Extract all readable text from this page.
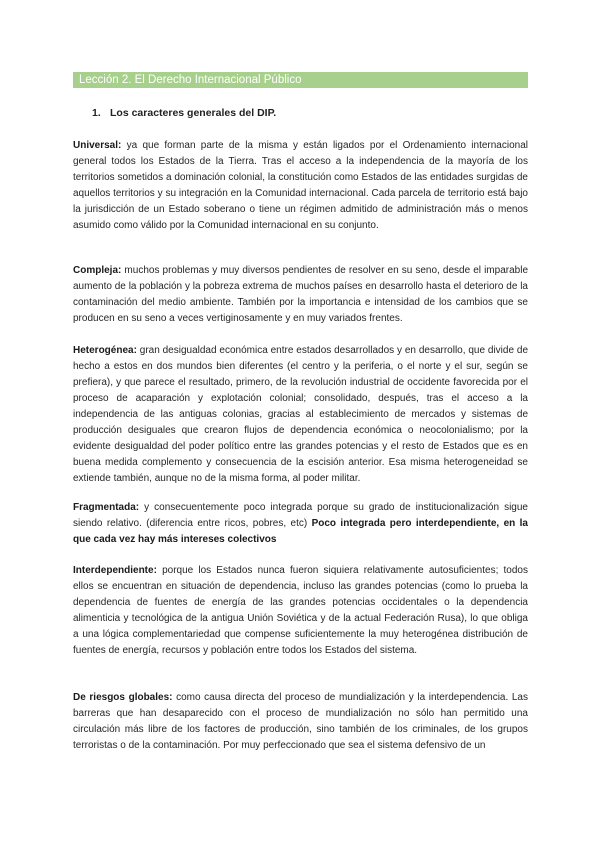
Lección 2. El Derecho Internacional Público
1. Los caracteres generales del DIP.

Universal: ya que forman parte de la misma y están ligados por el Ordenamiento internacional general todos los Estados de la Tierra. Tras el acceso a la independencia de la mayoría de los territorios sometidos a dominación colonial, la constitución como Estados de las entidades surgidas de aquellos territorios y su integración en la Comunidad internacional. Cada parcela de territorio está bajo la jurisdicción de un Estado soberano o tiene un régimen admitido de administración más o menos asumido como válido por la Comunidad internacional en su conjunto.

Compleja: muchos problemas y muy diversos pendientes de resolver en su seno, desde el imparable aumento de la población y la pobreza extrema de muchos países en desarrollo hasta el deterioro de la contaminación del medio ambiente. También por la importancia e intensidad de los cambios que se producen en su seno a veces vertiginosamente y en muy variados frentes.

Heterogénea: gran desigualdad económica entre estados desarrollados y en desarrollo, que divide de hecho a estos en dos mundos bien diferentes (el centro y la periferia, o el norte y el sur, según se prefiera), y que parece el resultado, primero, de la revolución industrial de occidente favorecida por el proceso de acaparación y explotación colonial; consolidado, después, tras el acceso a la independencia de las antiguas colonias, gracias al establecimiento de mercados y sistemas de producción desiguales que crearon flujos de dependencia económica o neocolonialismo; por la evidente desigualdad del poder político entre las grandes potencias y el resto de Estados que es en buena medida complemento y consecuencia de la escisión anterior. Esa misma heterogeneidad se extiende también, aunque no de la misma forma, al poder militar.

Fragmentada: y consecuentemente poco integrada porque su grado de institucionalización sigue siendo relativo. (diferencia entre ricos, pobres, etc) Poco integrada pero interdependiente, en la que cada vez hay más intereses colectivos

Interdependiente: porque los Estados nunca fueron siquiera relativamente autosuficientes; todos ellos se encuentran en situación de dependencia, incluso las grandes potencias (como lo prueba la dependencia de fuentes de energía de las grandes potencias occidentales o la dependencia alimenticia y tecnológica de la antigua Unión Soviética y de la actual Federación Rusa), lo que obliga a una lógica complementariedad que compense suficientemente la muy heterogénea distribución de fuentes de energía, recursos y población entre todos los Estados del sistema.

De riesgos globales: como causa directa del proceso de mundialización y la interdependencia. Las barreras que han desaparecido con el proceso de mundialización no sólo han permitido una circulación más libre de los factores de producción, sino también de los criminales, de los grupos terroristas o de la contaminación. Por muy perfeccionado que sea el sistema defensivo de un
